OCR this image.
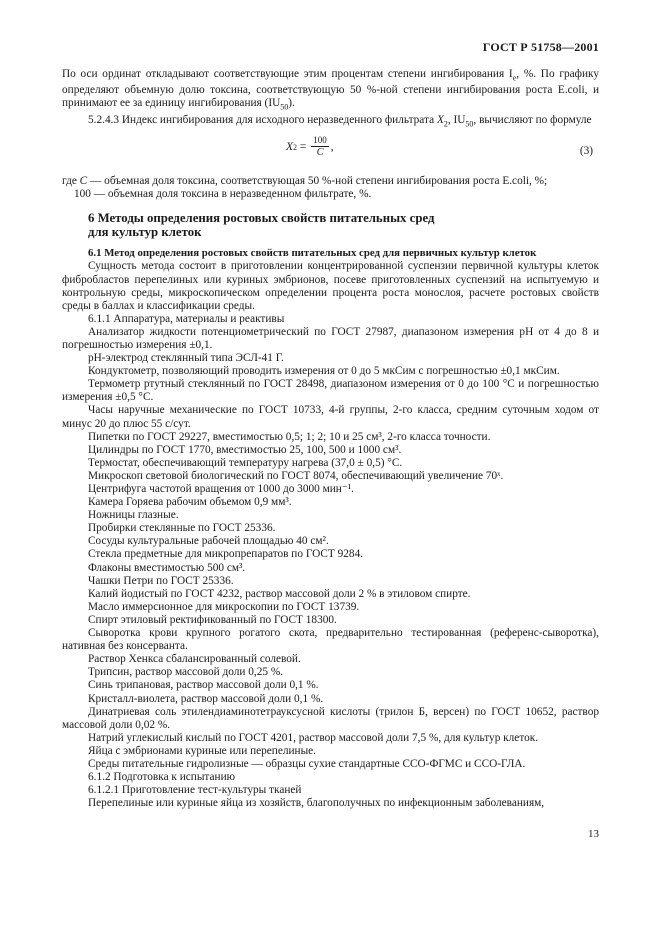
ГОСТ Р 51758—2001

По оси ординат откладывают соответствующие этим процентам степени ингибирования $I_e$, %. По графику определяют объемную долю токсина, соответствующую 50 %-ной степени ингибирования роста E.coli, и принимают ее за единицу ингибирования $(IU_{50})$.

5.2.4.3 Индекс ингибирования для исходного неразведенного фильтрата $X_2$, $IU_{50}$, вычисляют по формуле

X $2 = \frac{100}{C}$ ,	(3)

где C — объемная доля токсина, соответствующая 50 %-ной степени ингибирования роста E.coli, %;

100 — объемная доля токсина в неразведенном фильтрате, %.

6 Методы определения ростовых свойств питательных сред
для культур клеток

6.1 Метод определения ростовых свойств питательных сред для первичных культур клеток

Сущность метода состоит в приготовлении концентрированной суспензии первичной культуры клеток фибробластов перепелиных или куриных эмбрионов, посеве приготовленных суспензий на испытуемую и контрольную среды, микроскопическом определении процента роста монослоя, расчете ростовых свойств среды в баллах и классификации среды.

6.1.1 Аппаратура, материалы и реактивы

Анализатор жидкости потенциометрический по ГОСТ 27987, диапазоном измерения pH от 4 до 8 и погрешностью измерения ±0,1.

pH-электрод стеклянный типа ЭСЛ-41 Г.

Кондуктометр, позволяющий проводить измерения от 0 до 5 мкСим с погрешностью ±0,1 мкСим.

Термометр ртутный стеклянный по ГОСТ 28498, диапазоном измерения от 0 до 100 °С и погрешностью измерения ±0,5 °С.

Часы наручные механические по ГОСТ 10733, 4-й группы, 2-го класса, средним суточным ходом от минус 20 до плюс 55 с/сут.

Пипетки по ГОСТ 29227, вместимостью 0,5; 1; 2; 10 и 25 см³, 2-го класса точности.

Цилиндры по ГОСТ 1770, вместимостью 25, 100, 500 и 1000 см³.

Термостат, обеспечивающий температуру нагрева (37,0 ± 0,5) °С.

Микроскоп световой биологический по ГОСТ 8074, обеспечивающий увеличение 70ˣ.

Центрифуга частотой вращения от 1000 до 3000 мин⁻¹.

Камера Горяева рабочим объемом 0,9 мм³.

Ножницы глазные.

Пробирки стеклянные по ГОСТ 25336.

Сосуды культуральные рабочей площадью 40 см².

Стекла предметные для микропрепаратов по ГОСТ 9284.

Флаконы вместимостью 500 см³.

Чашки Петри по ГОСТ 25336.

Калий йодистый по ГОСТ 4232, раствор массовой доли 2 % в этиловом спирте.

Масло иммерсионное для микроскопии по ГОСТ 13739.

Спирт этиловый ректификованный по ГОСТ 18300.

Сыворотка крови крупного рогатого скота, предварительно тестированная (референс-сыворотка), нативная без консерванта.

Раствор Хенкса сбалансированный солевой.

Трипсин, раствор массовой доли 0,25 %.

Синь трипановая, раствор массовой доли 0,1 %.

Кристалл-виолета, раствор массовой доли 0,1 %.

Динатриевая соль этилендиаминотетрауксусной кислоты (трилон Б, версен) по ГОСТ 10652, раствор массовой доли 0,02 %.

Натрий углекислый кислый по ГОСТ 4201, раствор массовой доли 7,5 %, для культур клеток.

Яйца с эмбрионами куриные или перепелиные.

Среды питательные гидролизные — образцы сухие стандартные ССО-ФГМС и ССО-ГЛА.

6.1.2 Подготовка к испытанию

6.1.2.1 Приготовление тест-культуры тканей

Перепелиные или куриные яйца из хозяйств, благополучных по инфекционным заболеваниям,

13
